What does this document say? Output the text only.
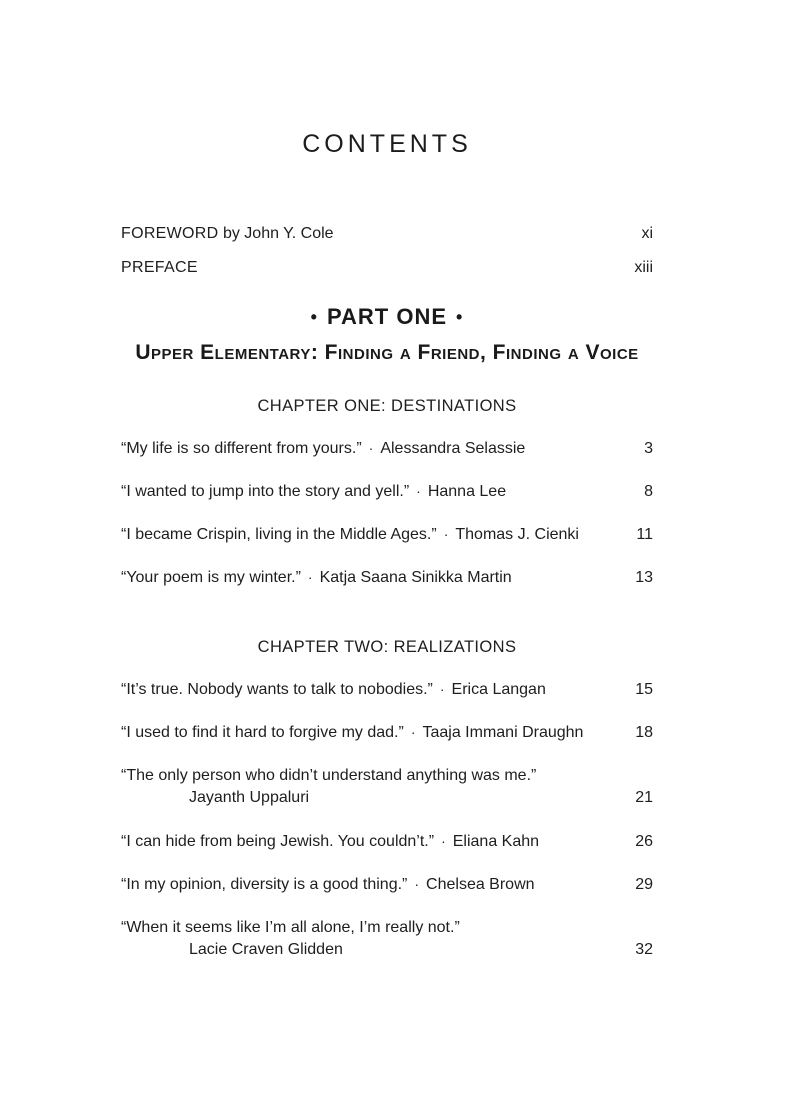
CONTENTS
FOREWORD by John Y. Cole	xi
PREFACE	xiii
• PART ONE •
Upper Elementary: Finding a Friend, Finding a Voice
CHAPTER ONE: DESTINATIONS
“My life is so different from yours.” · Alessandra Selassie	3
“I wanted to jump into the story and yell.” · Hanna Lee	8
“I became Crispin, living in the Middle Ages.” · Thomas J. Cienki	11
“Your poem is my winter.” · Katja Saana Sinikka Martin	13
CHAPTER TWO: REALIZATIONS
“It’s true. Nobody wants to talk to nobodies.” · Erica Langan	15
“I used to find it hard to forgive my dad.” · Taaja Immani Draughn	18
“The only person who didn’t understand anything was me.”
Jayanth Uppaluri	21
“I can hide from being Jewish. You couldn’t.” · Eliana Kahn	26
“In my opinion, diversity is a good thing.” · Chelsea Brown	29
“When it seems like I’m all alone, I’m really not.”
Lacie Craven Glidden	32
